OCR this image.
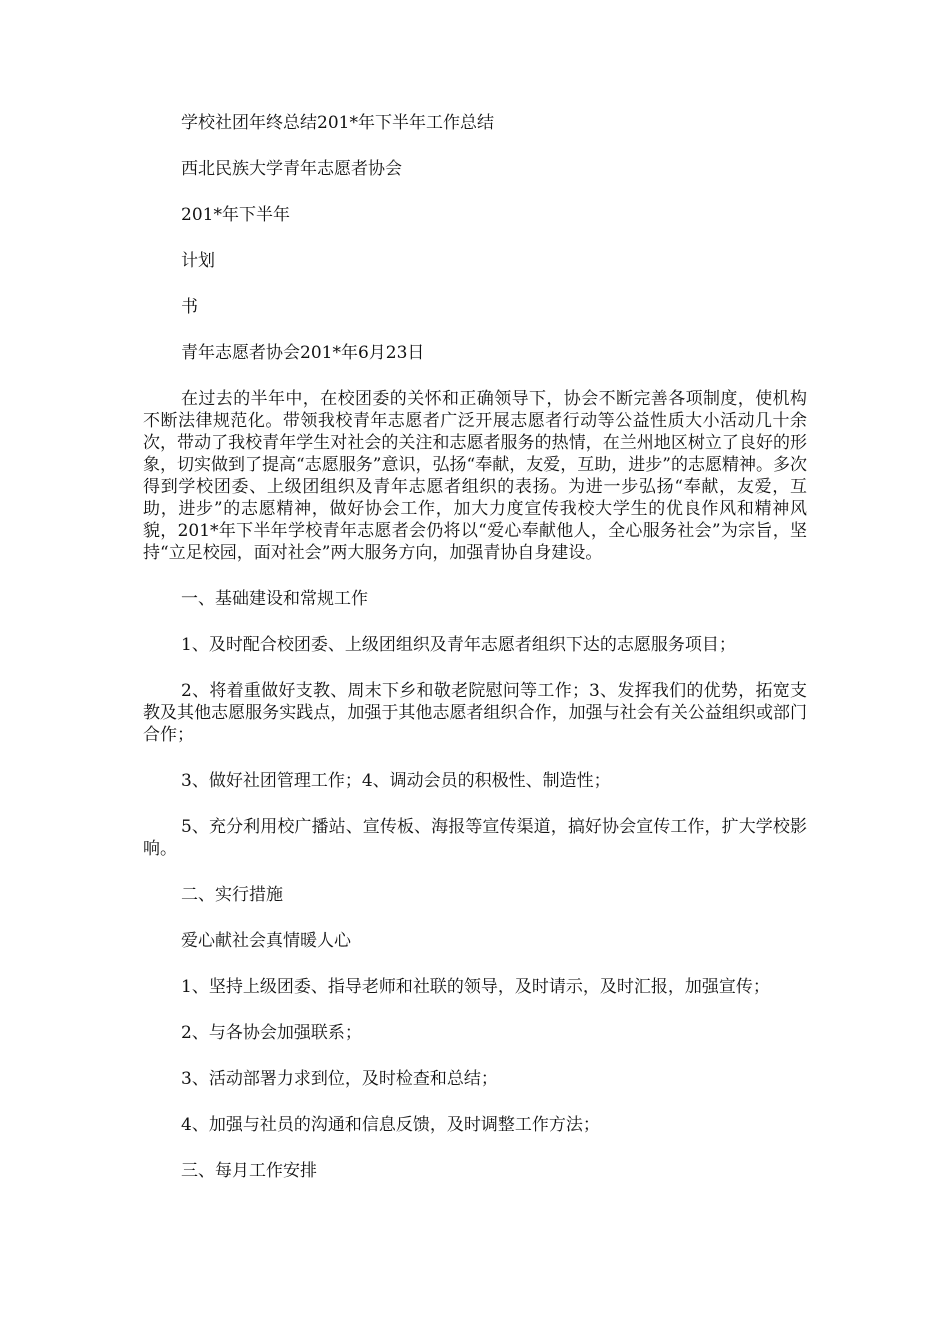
学校社团年终总结201*年下半年工作总结

西北民族大学青年志愿者协会

201*年下半年

计划

书

青年志愿者协会201*年6月23日

在过去的半年中，在校团委的关怀和正确领导下，协会不断完善各项制度，使机构不断法律规范化。带领我校青年志愿者广泛开展志愿者行动等公益性质大小活动几十余次，带动了我校青年学生对社会的关注和志愿者服务的热情，在兰州地区树立了良好的形象，切实做到了提高“志愿服务”意识，弘扬“奉献，友爱，互助，进步”的志愿精神。多次得到学校团委、上级团组织及青年志愿者组织的表扬。为进一步弘扬“奉献，友爱，互助，进步”的志愿精神，做好协会工作，加大力度宣传我校大学生的优良作风和精神风貌，201*年下半年学校青年志愿者会仍将以“爱心奉献他人，全心服务社会”为宗旨，坚持“立足校园，面对社会”两大服务方向，加强青协自身建设。

一、基础建设和常规工作

1、及时配合校团委、上级团组织及青年志愿者组织下达的志愿服务项目；

2、将着重做好支教、周末下乡和敬老院慰问等工作；3、发挥我们的优势，拓宽支教及其他志愿服务实践点，加强于其他志愿者组织合作，加强与社会有关公益组织或部门合作；

3、做好社团管理工作；4、调动会员的积极性、制造性；

5、充分利用校广播站、宣传板、海报等宣传渠道，搞好协会宣传工作，扩大学校影响。

二、实行措施

爱心献社会真情暖人心

1、坚持上级团委、指导老师和社联的领导，及时请示，及时汇报，加强宣传；

2、与各协会加强联系；

3、活动部署力求到位，及时检查和总结；

4、加强与社员的沟通和信息反馈，及时调整工作方法；

三、每月工作安排
